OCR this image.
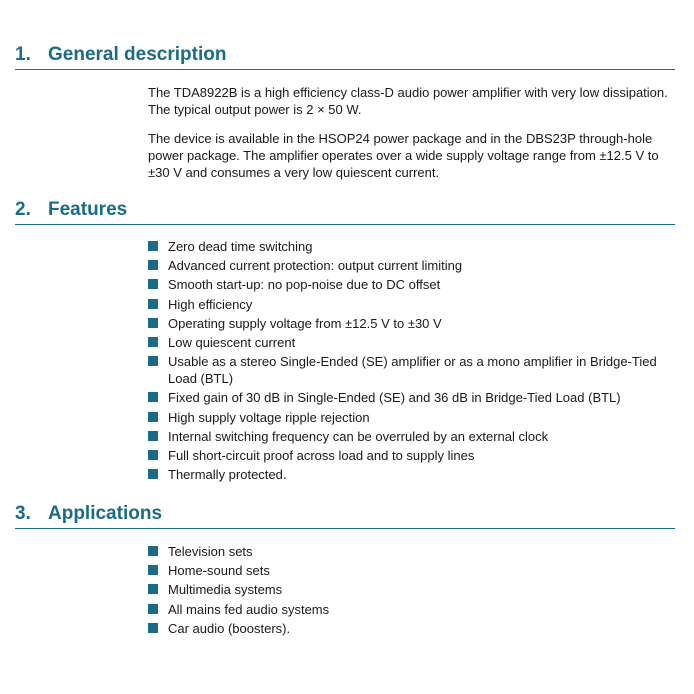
1. General description

The TDA8922B is a high efficiency class-D audio power amplifier with very low dissipation. The typical output power is 2 × 50 W.

The device is available in the HSOP24 power package and in the DBS23P through-hole power package. The amplifier operates over a wide supply voltage range from ±12.5 V to ±30 V and consumes a very low quiescent current.

2. Features
Zero dead time switching
Advanced current protection: output current limiting
Smooth start-up: no pop-noise due to DC offset
High efficiency
Operating supply voltage from ±12.5 V to ±30 V
Low quiescent current
Usable as a stereo Single-Ended (SE) amplifier or as a mono amplifier in Bridge-Tied Load (BTL)
Fixed gain of 30 dB in Single-Ended (SE) and 36 dB in Bridge-Tied Load (BTL)
High supply voltage ripple rejection
Internal switching frequency can be overruled by an external clock
Full short-circuit proof across load and to supply lines
Thermally protected.
3. Applications
Television sets
Home-sound sets
Multimedia systems
All mains fed audio systems
Car audio (boosters).
